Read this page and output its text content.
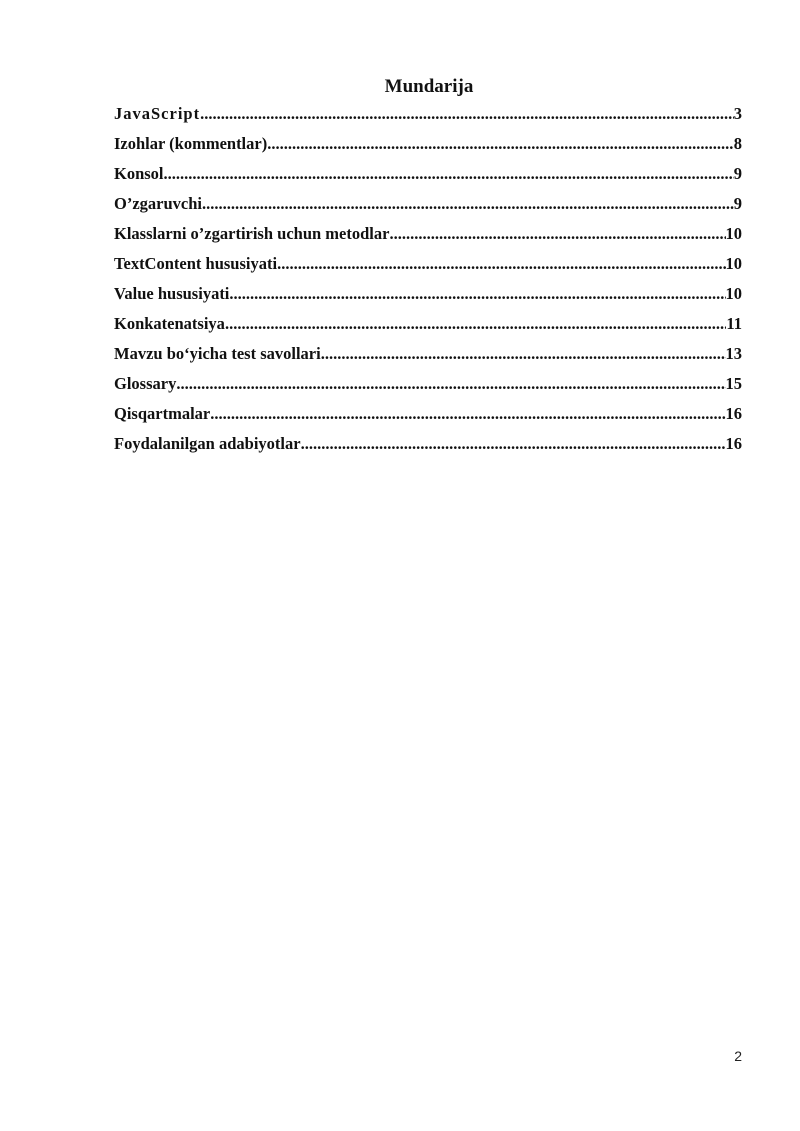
Mundarija
JavaScript .....	3
Izohlar (kommentlar) .....	8
Konsol .....	9
O’zgaruvchi .....	9
Klasslarni o’zgartirish uchun metodlar .....	10
TextContent hususiyati .....	10
Value hususiyati .....	10
Konkatenatsiya .....	11
Mavzu bo‘yicha test savollari .....	13
Glossary .....	15
Qisqartmalar .....	16
Foydalanilgan adabiyotlar .....	16
2
